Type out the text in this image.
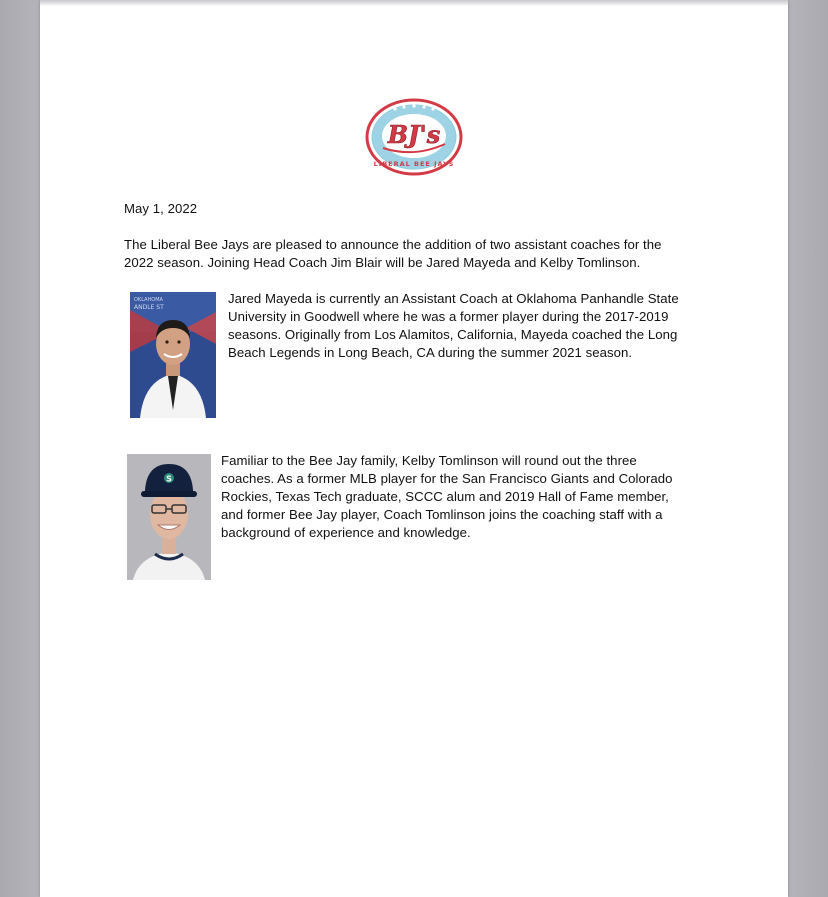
BJ's
LIBERAL BEE JAYS
May 1, 2022
The Liberal Bee Jays are pleased to announce the addition of two assistant coaches for the
2022 season. Joining Head Coach Jim Blair will be Jared Mayeda and Kelby Tomlinson.
OKLAHOMA
ANDLE ST
Jared Mayeda is currently an Assistant Coach at Oklahoma Panhandle State
University in Goodwell where he was a former player during the 2017-2019
seasons. Originally from Los Alamitos, California, Mayeda coached the Long
Beach Legends in Long Beach, CA during the summer 2021 season.
S
Familiar to the Bee Jay family, Kelby Tomlinson will round out the three
coaches. As a former MLB player for the San Francisco Giants and Colorado
Rockies, Texas Tech graduate, SCCC alum and 2019 Hall of Fame member,
and former Bee Jay player, Coach Tomlinson joins the coaching staff with a
background of experience and knowledge.
